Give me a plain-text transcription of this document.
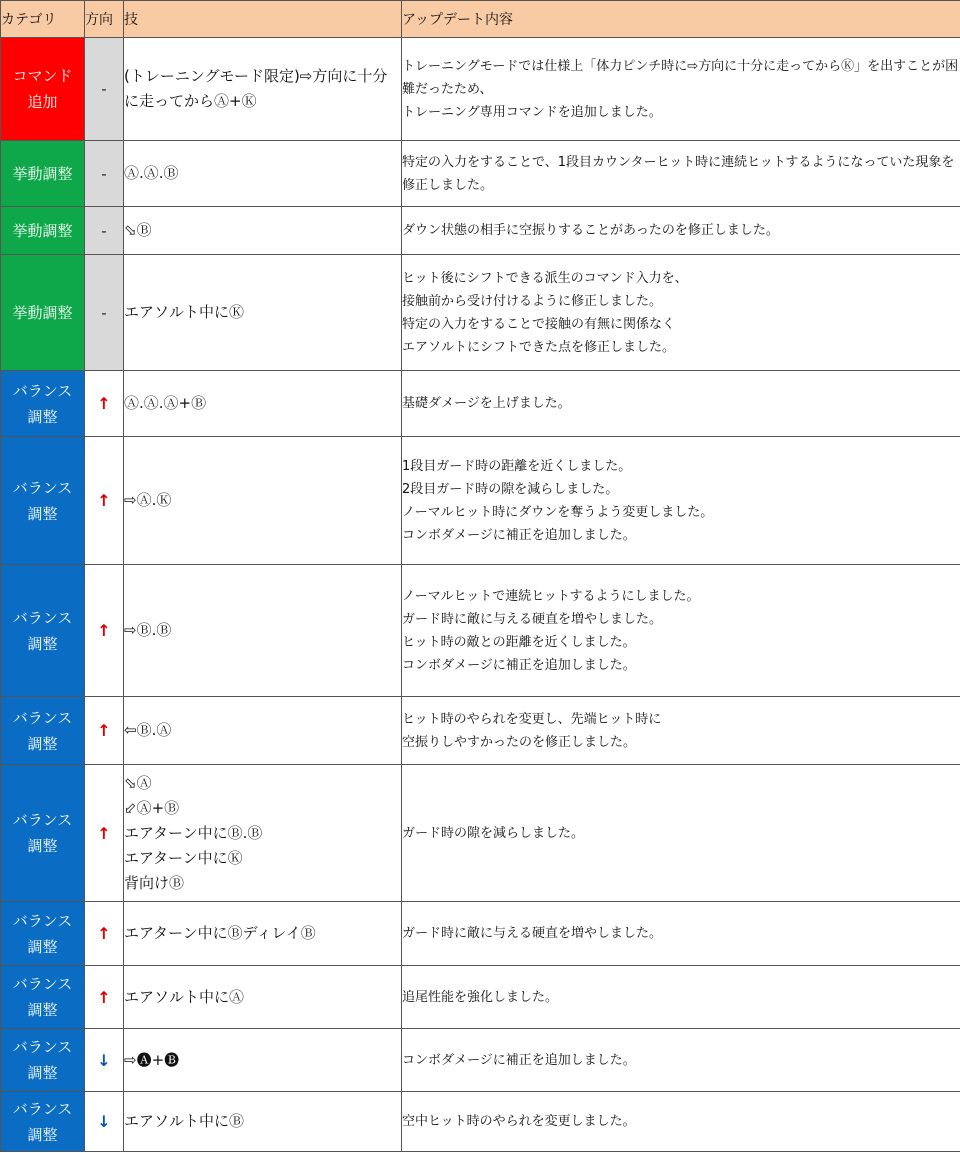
カテゴリ	方向	技	アップデート内容

コマンド
追加	-	(トレーニングモード限定)⇨方向に十分に走ってからⒶ+Ⓚ	トレーニングモードでは仕様上「体力ピンチ時に⇨方向に十分に走ってからⓀ」を出すことが困難だったため、
トレーニング専用コマンドを追加しました。

挙動調整	-	Ⓐ.Ⓐ.Ⓑ	特定の入力をすることで、1段目カウンターヒット時に連続ヒットするようになっていた現象を修正しました。

挙動調整	-	⬂Ⓑ	ダウン状態の相手に空振りすることがあったのを修正しました。

挙動調整	-	エアソルト中にⓀ	ヒット後にシフトできる派生のコマンド入力を、
接触前から受け付けるように修正しました。
特定の入力をすることで接触の有無に関係なく
エアソルトにシフトできた点を修正しました。

バランス
調整	↑	Ⓐ.Ⓐ.Ⓐ+Ⓑ	基礎ダメージを上げました。

バランス
調整	↑	⇨Ⓐ.Ⓚ	1段目ガード時の距離を近くしました。
2段目ガード時の隙を減らしました。
ノーマルヒット時にダウンを奪うよう変更しました。
コンボダメージに補正を追加しました。

バランス
調整	↑	⇨Ⓑ.Ⓑ	ノーマルヒットで連続ヒットするようにしました。
ガード時に敵に与える硬直を増やしました。
ヒット時の敵との距離を近くしました。
コンボダメージに補正を追加しました。

バランス
調整	↑	⇦Ⓑ.Ⓐ	ヒット時のやられを変更し、先端ヒット時に
空振りしやすかったのを修正しました。

バランス
調整	↑	⬂Ⓐ
⬃Ⓐ+Ⓑ
エアターン中にⒷ.Ⓑ
エアターン中にⓀ
背向けⒷ	ガード時の隙を減らしました。

バランス
調整	↑	エアターン中にⒷディレイⒷ	ガード時に敵に与える硬直を増やしました。

バランス
調整	↑	エアソルト中にⒶ	追尾性能を強化しました。

バランス
調整	↓	⇨🅐+🅑	コンボダメージに補正を追加しました。

バランス
調整	↓	エアソルト中にⒷ	空中ヒット時のやられを変更しました。
